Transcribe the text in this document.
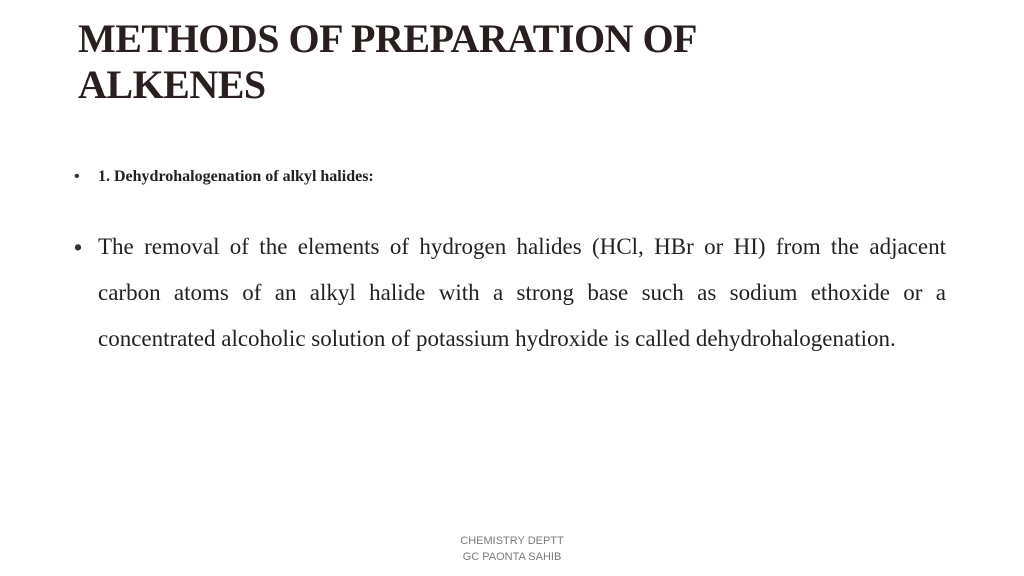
METHODS OF PREPARATION OF ALKENES
• 1. Dehydrohalogenation of alkyl halides:
• The removal of the elements of hydrogen halides (HCl, HBr or HI) from the adjacent carbon atoms of an alkyl halide with a strong base such as sodium ethoxide or a concentrated alcoholic solution of potassium hydroxide is called dehydrohalogenation.
CHEMISTRY DEPTT
GC PAONTA SAHIB
